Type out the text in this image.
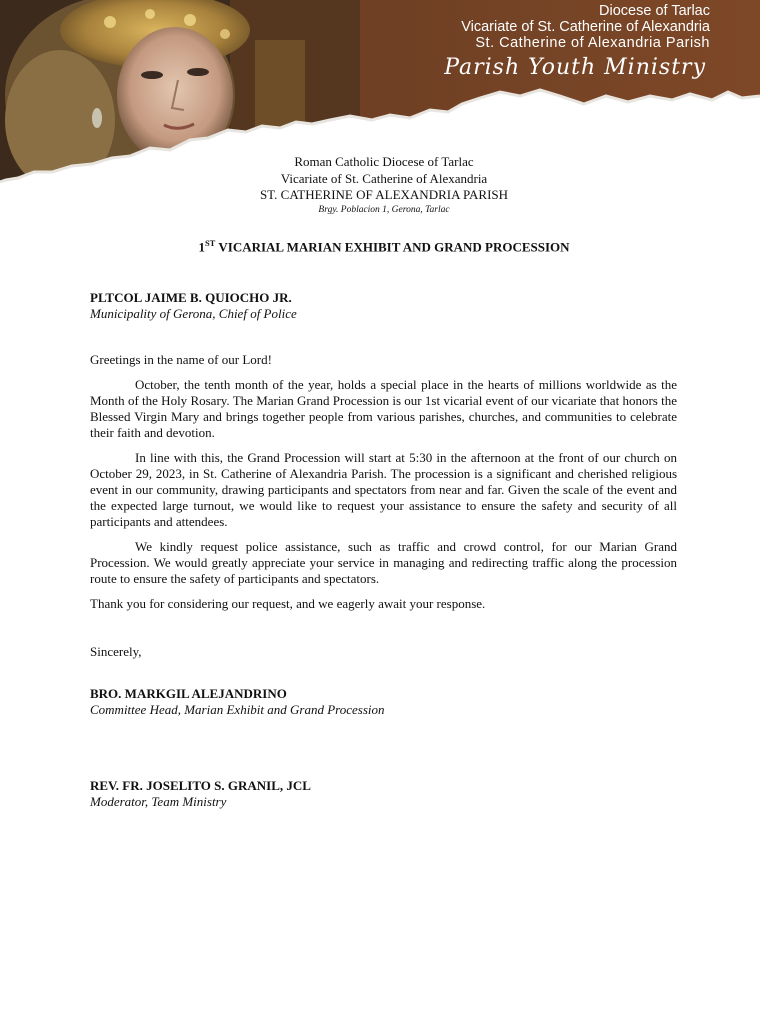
Diocese of Tarlac
Vicariate of St. Catherine of Alexandria
St. Catherine of Alexandria Parish
Parish Youth Ministry
Roman Catholic Diocese of Tarlac
Vicariate of St. Catherine of Alexandria
ST. CATHERINE OF ALEXANDRIA PARISH
Brgy. Poblacion 1, Gerona, Tarlac
1ST VICARIAL MARIAN EXHIBIT AND GRAND PROCESSION
PLTCOL JAIME B. QUIOCHO JR.
Municipality of Gerona, Chief of Police

Greetings in the name of our Lord!

October, the tenth month of the year, holds a special place in the hearts of millions worldwide as the Month of the Holy Rosary. The Marian Grand Procession is our 1st vicarial event of our vicariate that honors the Blessed Virgin Mary and brings together people from various parishes, churches, and communities to celebrate their faith and devotion.

In line with this, the Grand Procession will start at 5:30 in the afternoon at the front of our church on October 29, 2023, in St. Catherine of Alexandria Parish. The procession is a significant and cherished religious event in our community, drawing participants and spectators from near and far. Given the scale of the event and the expected large turnout, we would like to request your assistance to ensure the safety and security of all participants and attendees.

We kindly request police assistance, such as traffic and crowd control, for our Marian Grand Procession. We would greatly appreciate your service in managing and redirecting traffic along the procession route to ensure the safety of participants and spectators.

Thank you for considering our request, and we eagerly await your response.

Sincerely,

BRO. MARKGIL ALEJANDRINO
Committee Head, Marian Exhibit and Grand Procession
REV. FR. JOSELITO S. GRANIL, JCL
Moderator, Team Ministry
